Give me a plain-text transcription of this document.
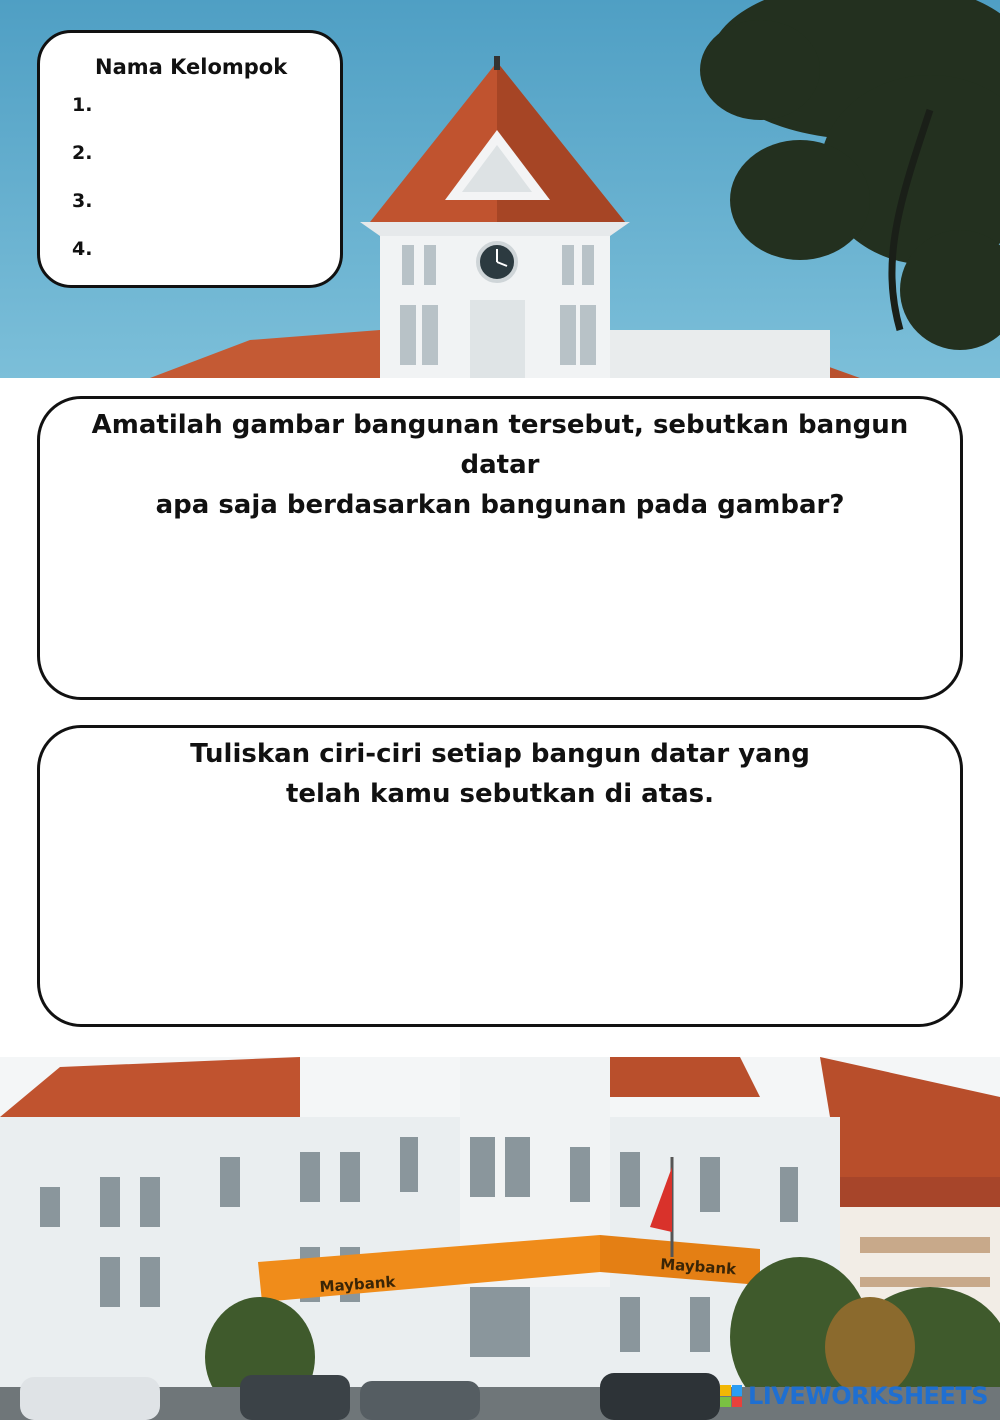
Nama Kelompok

1.
2.
3.
4.

Amatilah gambar bangunan tersebut, sebutkan bangun datar
apa saja berdasarkan bangunan pada gambar?

Tuliskan ciri-ciri setiap bangun datar yang
telah kamu sebutkan di atas.

Maybank
Maybank
LIVEWORKSHEETS
